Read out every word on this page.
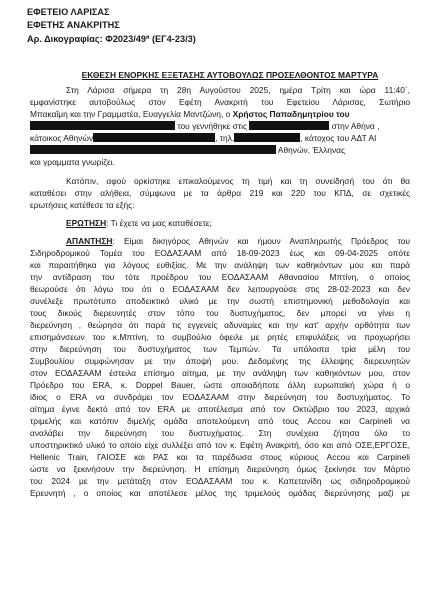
ΕΦΕΤΕΙΟ ΛΑΡΙΣΑΣ
ΕΦΕΤΗΣ ΑΝΑΚΡΙΤΗΣ
Αρ. Δικογραφίας: Φ2023/49ª (ΕΓ4-23/3)
ΕΚΘΕΣΗ ΕΝΟΡΚΗΣ ΕΞΕΤΑΣΗΣ ΑΥΤΟΒΟΥΛΩΣ ΠΡΟΣΕΛΘΟΝΤΟΣ ΜΑΡΤΥΡΑ
Στη Λάρισα σήμερα τη 28η Αυγούστου 2025, ημέρα Τρίτη και ώρα 11:40΄,
εμφανίστηκε αυτοβούλως στον Εφέτη Ανακριτή του Εφετείου Λάρισας, Σωτήριο
Μπακαΐμη και την Γραμματέα, Ευαγγελία Μαντζώνη, ο Χρήστος Παπαδημητρίου του
του γεννήθηκε στις	στην Αθήνα ,
κάτοικος Αθηνών	, τηλ.	, κάτοχος του ΑΔΤ ΑΙ
Αθηνών, Έλληνας
και γραμματα γνωρίζει.
Κατόπιν, αφού ορκίστηκε επικαλούμενος τη τιμή και τη συνείδησή του ότι θα
καταθέσει στην αλήθεια, σύμφωνα με τα άρθρα 219 και 220 του ΚΠΔ, σε σχετικές
ερωτήσεις κατέθεσε τα εξής:
ΕΡΩΤΗΣΗ: Τι έχετε να μας καταθέσετε;
ΑΠΑΝΤΗΣΗ: Είμαι δικηγόρος Αθηνών και ήμουν Αναπληρωτής Πρόεδρος του
Σιδηροδρομικού Τομέα του ΕΟΔΑΣΑΑΜ από 18-09-2023 έως και 09-04-2025 οπότε
και παραιτήθηκα για λόγους ευθιξίας. Με την ανάληψη των καθηκόντων μου και παρά
την αντίδραση του τότε προέδρου του ΕΟΔΑΣΑΑΜ Αθανασίου Μπτίνη, ο οποίος
θεωρούσε ότι λόγω του ότι ο ΕΟΔΑΣΑΑΜ δεν λειτουργούσε στις 28-02-2023 και δεν
συνέλεξε πρωτότυπο αποδεικτικό υλικό με την σωστή επιστημονική μεθοδολογία και
τους δικούς διερευνητές στον τόπο του δυστυχήματος, δεν μπορεί να γίνει η
διερεύνηση , θεώρησα ότι παρά τις εγγενείς αδυναμίες και την κατ' αρχήν ορθότητα των
επισημάνσεων του κ.Μπτίνη, το συμβούλιο όφειλε με ρητές επιφυλάξεις να προχωρήσει
στην διερεύνηση του δυστυχήματος των Τεμπών. Τα υπόλοιπα τρία μέλη του
Συμβουλίου συμφώνησαν με την άποψή μου. Δεδομένης της έλλειψης διερευνητών
στον ΕΟΔΑΣΑΑΜ έστειλα επίσημο αίτημα, με την ανάληψη των καθηκόντων μου, στον
Πρόεδρο του ERA, κ. Doppel Bauer, ώστε οποιαδήποτε άλλη ευρωπαϊκή χώρα ή ο
ίδιος ο ERA να συνδράμει τον ΕΟΔΑΣΑΑΜ στην διερεύνηση του δυστυχήματος. Το
αίτημα έγινε δεκτό από τον ERA με αποτέλεσμα από τον Οκτώβριο του 2023, αρχικά
τριμελής και κατόπιν διμελής ομάδα αποτελούμενη από τους Accou και Carpineli να
αναλάβει την διερεύνηση του δυστυχήματος. Στη συνέχεια ζήτησα όλο το
υποστηρικτικό υλικό το οποίο είχε συλλέξει από τον κ. Εφέτη Ανακριτή, όσο και από ΟΣΕ,ΕΡΓΟΣΕ,
Hellenic Train, ΓΑΙΟΣΕ και ΡΑΣ και τα παρέδωσα στους κύριους Accou και Carpineli
ώστε να ξεκινήσουν την διερεύνηση. Η επίσημη διερεύνηση όμως ξεκίνησε τον Μάρτιο
του 2024 με την μετάταξη στον ΕΟΔΑΣΑΑΜ του κ. Καπετανίδη ως σιδηροδρομικού
Ερευνητή , ο οποίος και αποτέλεσε μέλος της τριμελούς ομάδας διερεύνησης μαζί με
